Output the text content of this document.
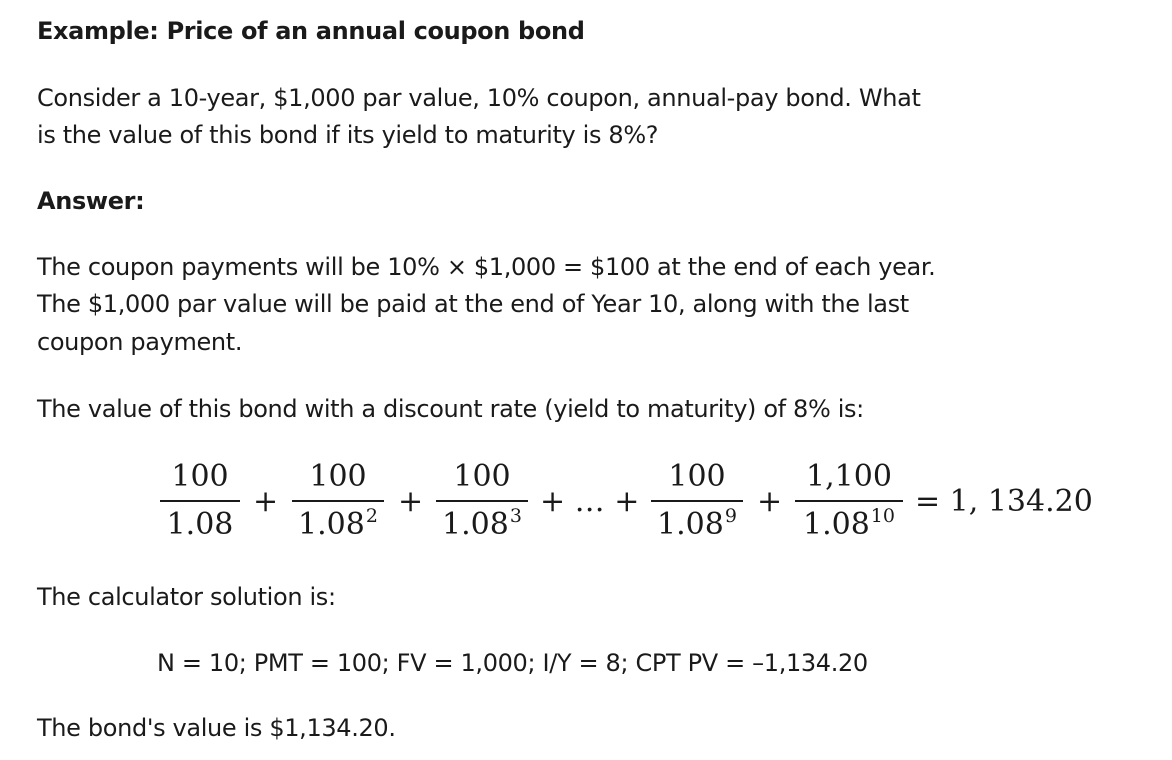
Example: Price of an annual coupon bond
Consider a 10-year, $1,000 par value, 10% coupon, annual-pay bond. What
is the value of this bond if its yield to maturity is 8%?
Answer:
The coupon payments will be 10% × $1,000 = $100 at the end of each year.
The $1,000 par value will be paid at the end of Year 10, along with the last
coupon payment.
The value of this bond with a discount rate (yield to maturity) of 8% is:
100
1.08
+
100
$1.08^2$ +
100
$1.08^3$ + … +
100
$1.08^9$ +
1,100
$1.08^{10} = 1$, 134.20
The calculator solution is:
N = 10; PMT = 100; FV = 1,000; I/Y = 8; CPT PV = –1,134.20
The bond's value is $1,134.20.
